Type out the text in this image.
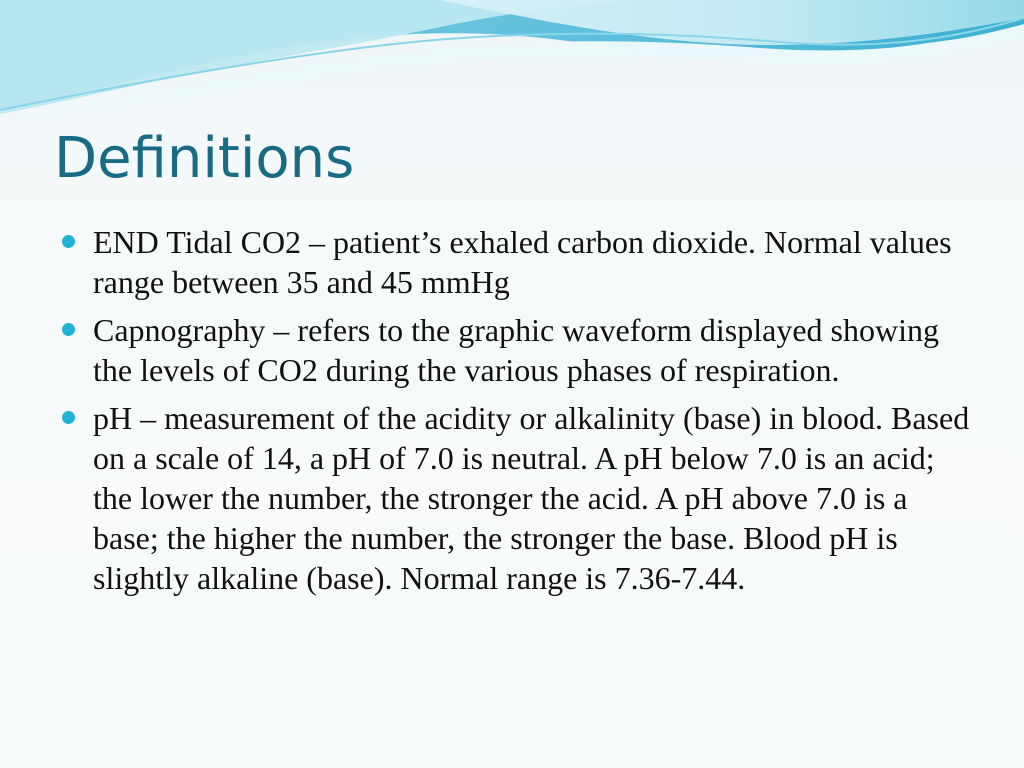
Definitions
END Tidal CO2 – patient’s exhaled carbon dioxide. Normal values range between 35 and 45 mmHg
Capnography – refers to the graphic waveform displayed showing the levels of CO2 during the various phases of respiration.
pH – measurement of the acidity or alkalinity (base) in blood. Based on a scale of 14, a pH of 7.0 is neutral. A pH below 7.0 is an acid; the lower the number, the stronger the acid. A pH above 7.0 is a base; the higher the number, the stronger the base. Blood pH is slightly alkaline (base). Normal range is 7.36-7.44.
